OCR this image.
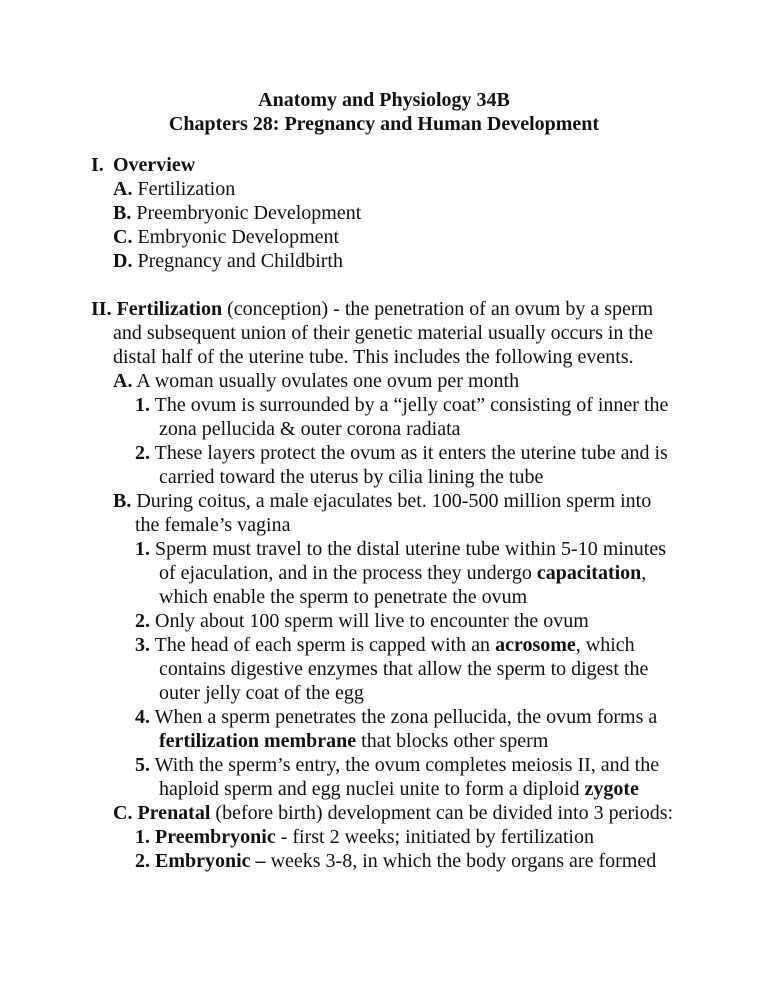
Anatomy and Physiology 34B
Chapters 28: Pregnancy and Human Development
I. Overview
A. Fertilization
B. Preembryonic Development
C. Embryonic Development
D. Pregnancy and Childbirth
II. Fertilization (conception) - the penetration of an ovum by a sperm
and subsequent union of their genetic material usually occurs in the
distal half of the uterine tube. This includes the following events.
A. A woman usually ovulates one ovum per month
1. The ovum is surrounded by a “jelly coat” consisting of inner the
zona pellucida & outer corona radiata
2. These layers protect the ovum as it enters the uterine tube and is
carried toward the uterus by cilia lining the tube
B. During coitus, a male ejaculates bet. 100-500 million sperm into
the female’s vagina
1. Sperm must travel to the distal uterine tube within 5-10 minutes
of ejaculation, and in the process they undergo capacitation,
which enable the sperm to penetrate the ovum
2. Only about 100 sperm will live to encounter the ovum
3. The head of each sperm is capped with an acrosome, which
contains digestive enzymes that allow the sperm to digest the
outer jelly coat of the egg
4. When a sperm penetrates the zona pellucida, the ovum forms a
fertilization membrane that blocks other sperm
5. With the sperm’s entry, the ovum completes meiosis II, and the
haploid sperm and egg nuclei unite to form a diploid zygote
C. Prenatal (before birth) development can be divided into 3 periods:
1. Preembryonic - first 2 weeks; initiated by fertilization
2. Embryonic – weeks 3-8, in which the body organs are formed
